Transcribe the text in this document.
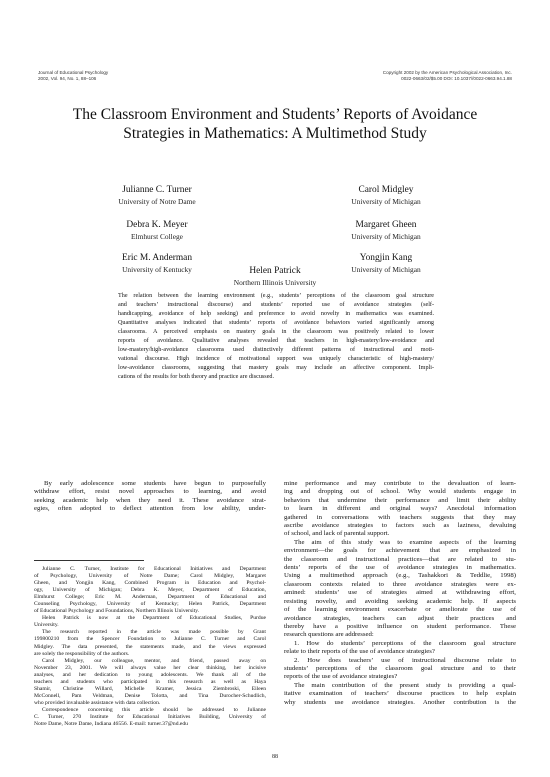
Journal of Educational Psychology
2002, Vol. 94, No. 1, 88–106
Copyright 2002 by the American Psychological Association, Inc.
0022-0663/02/$5.00 DOI: 10.1037//0022-0663.94.1.88
The Classroom Environment and Students’ Reports of Avoidance
Strategies in Mathematics: A Multimethod Study
Julianne C. Turner
University of Notre Dame
Carol Midgley
University of Michigan
Debra K. Meyer
Elmhurst College
Margaret Gheen
University of Michigan
Eric M. Anderman
University of Kentucky
Yongjin Kang
University of Michigan
Helen Patrick
Northern Illinois University
The relation between the learning environment (e.g., students’ perceptions of the classroom goal structure
and teachers’ instructional discourse) and students’ reported use of avoidance strategies (self-
handicapping, avoidance of help seeking) and preference to avoid novelty in mathematics was examined.
Quantitative analyses indicated that students’ reports of avoidance behaviors varied significantly among
classrooms. A perceived emphasis on mastery goals in the classroom was positively related to lower
reports of avoidance. Qualitative analyses revealed that teachers in high-mastery/low-avoidance and
low-mastery/high-avoidance classrooms used distinctively different patterns of instructional and moti-
vational discourse. High incidence of motivational support was uniquely characteristic of high-mastery/
low-avoidance classrooms, suggesting that mastery goals may include an affective component. Impli-
cations of the results for both theory and practice are discussed.
By early adolescence some students have begun to purposefully
withdraw effort, resist novel approaches to learning, and avoid
seeking academic help when they need it. These avoidance strat-
egies, often adopted to deflect attention from low ability, under-
Julianne C. Turner, Institute for Educational Initiatives and Department
of Psychology, University of Notre Dame; Carol Midgley, Margaret
Gheen, and Yongjin Kang, Combined Program in Education and Psychol-
ogy, University of Michigan; Debra K. Meyer, Department of Education,
Elmhurst College; Eric M. Anderman, Department of Educational and
Counseling Psychology, University of Kentucky; Helen Patrick, Department
of Educational Psychology and Foundations, Northern Illinois University.
Helen Patrick is now at the Department of Educational Studies, Purdue
University.
The research reported in the article was made possible by Grant
199800210 from the Spencer Foundation to Julianne C. Turner and Carol
Midgley. The data presented, the statements made, and the views expressed
are solely the responsibility of the authors.
Carol Midgley, our colleague, mentor, and friend, passed away on
November 23, 2001. We will always value her clear thinking, her incisive
analyses, and her dedication to young adolescents. We thank all of the
teachers and students who participated in this research as well as Haya
Shamir, Christine Willard, Michelle Kramer, Jessica Ziembroski, Eileen
McConnell, Pam Veldman, Denise Tolotta, and Tina Durocher-Schudlich,
who provided invaluable assistance with data collection.
Correspondence concerning this article should be addressed to Julianne
C. Turner, 270 Institute for Educational Initiatives Building, University of
Notre Dame, Notre Dame, Indiana 46556. E-mail: turner.37@nd.edu
mine performance and may contribute to the devaluation of learn-
ing and dropping out of school. Why would students engage in
behaviors that undermine their performance and limit their ability
to learn in different and original ways? Anecdotal information
gathered in conversations with teachers suggests that they may
ascribe avoidance strategies to factors such as laziness, devaluing
of school, and lack of parental support.
The aim of this study was to examine aspects of the learning
environment—the goals for achievement that are emphasized in
the classroom and instructional practices—that are related to stu-
dents’ reports of the use of avoidance strategies in mathematics.
Using a multimethod approach (e.g., Tashakkori & Teddlie, 1998)
classroom contexts related to three avoidance strategies were ex-
amined: students’ use of strategies aimed at withdrawing effort,
resisting novelty, and avoiding seeking academic help. If aspects
of the learning environment exacerbate or ameliorate the use of
avoidance strategies, teachers can adjust their practices and
thereby have a positive influence on student performance. These
research questions are addressed:
1. How do students’ perceptions of the classroom goal structure
relate to their reports of the use of avoidance strategies?
2. How does teachers’ use of instructional discourse relate to
students’ perceptions of the classroom goal structure and to their
reports of the use of avoidance strategies?
The main contribution of the present study is providing a qual-
itative examination of teachers’ discourse practices to help explain
why students use avoidance strategies. Another contribution is the
88
